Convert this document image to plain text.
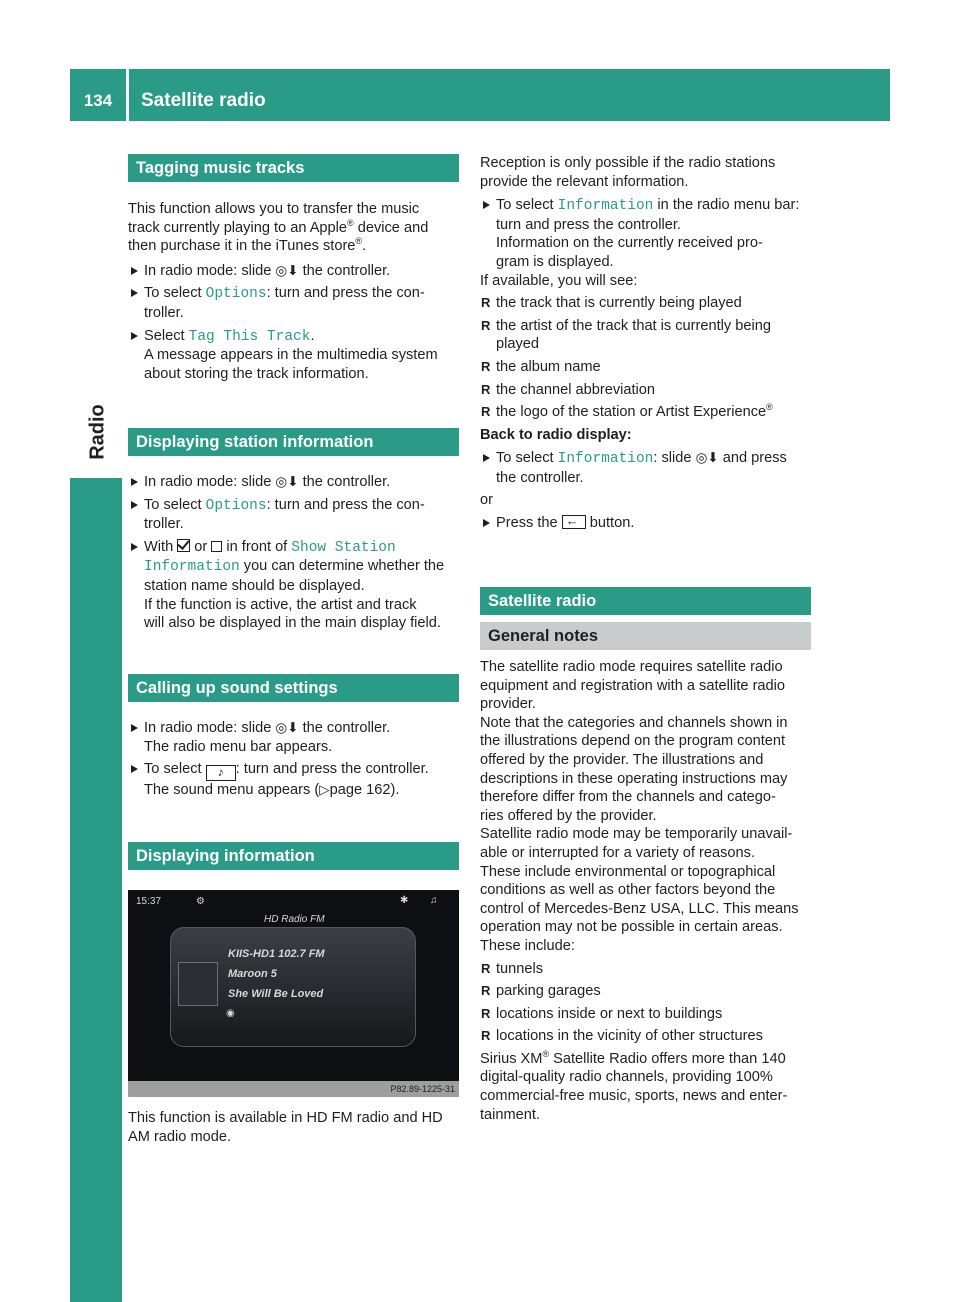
134	Satellite radio
Radio
Tagging music tracks
This function allows you to transfer the music
track currently playing to an Apple® device and
then purchase it in the iTunes store®.
In radio mode: slide ◎⬇ the controller.
To select Options: turn and press the con-
troller.
Select Tag This Track.
A message appears in the multimedia system
about storing the track information.
Displaying station information
In radio mode: slide ◎⬇ the controller.
To select Options: turn and press the con-
troller.
With  or  in front of Show Station
Information you can determine whether the
station name should be displayed.
If the function is active, the artist and track
will also be displayed in the main display field.
Calling up sound settings
In radio mode: slide ◎⬇ the controller.
The radio menu bar appears.
To select ♪ : turn and press the controller.
The sound menu appears (▷page 162).
Displaying information
15:37	⚙	✱ ♫
HD Radio FM
KIIS-HD1 102.7 FM
Maroon 5
She Will Be Loved
◉
P82.89-1225-31
This function is available in HD FM radio and HD
AM radio mode.
Reception is only possible if the radio stations
provide the relevant information.
To select Information in the radio menu bar:
turn and press the controller.
Information on the currently received pro-
gram is displayed.
If available, you will see:
R the track that is currently being played
R the artist of the track that is currently being
played
R the album name
R the channel abbreviation
R the logo of the station or Artist Experience®
Back to radio display:
To select Information: slide ◎⬇ and press
the controller.
or
Press the ← button.
Satellite radio
General notes
The satellite radio mode requires satellite radio
equipment and registration with a satellite radio
provider.
Note that the categories and channels shown in
the illustrations depend on the program content
offered by the provider. The illustrations and
descriptions in these operating instructions may
therefore differ from the channels and catego-
ries offered by the provider.
Satellite radio mode may be temporarily unavail-
able or interrupted for a variety of reasons.
These include environmental or topographical
conditions as well as other factors beyond the
control of Mercedes-Benz USA, LLC. This means
operation may not be possible in certain areas.
These include:
R tunnels
R parking garages
R locations inside or next to buildings
R locations in the vicinity of other structures
Sirius XM® Satellite Radio offers more than 140
digital-quality radio channels, providing 100%
commercial-free music, sports, news and enter-
tainment.
